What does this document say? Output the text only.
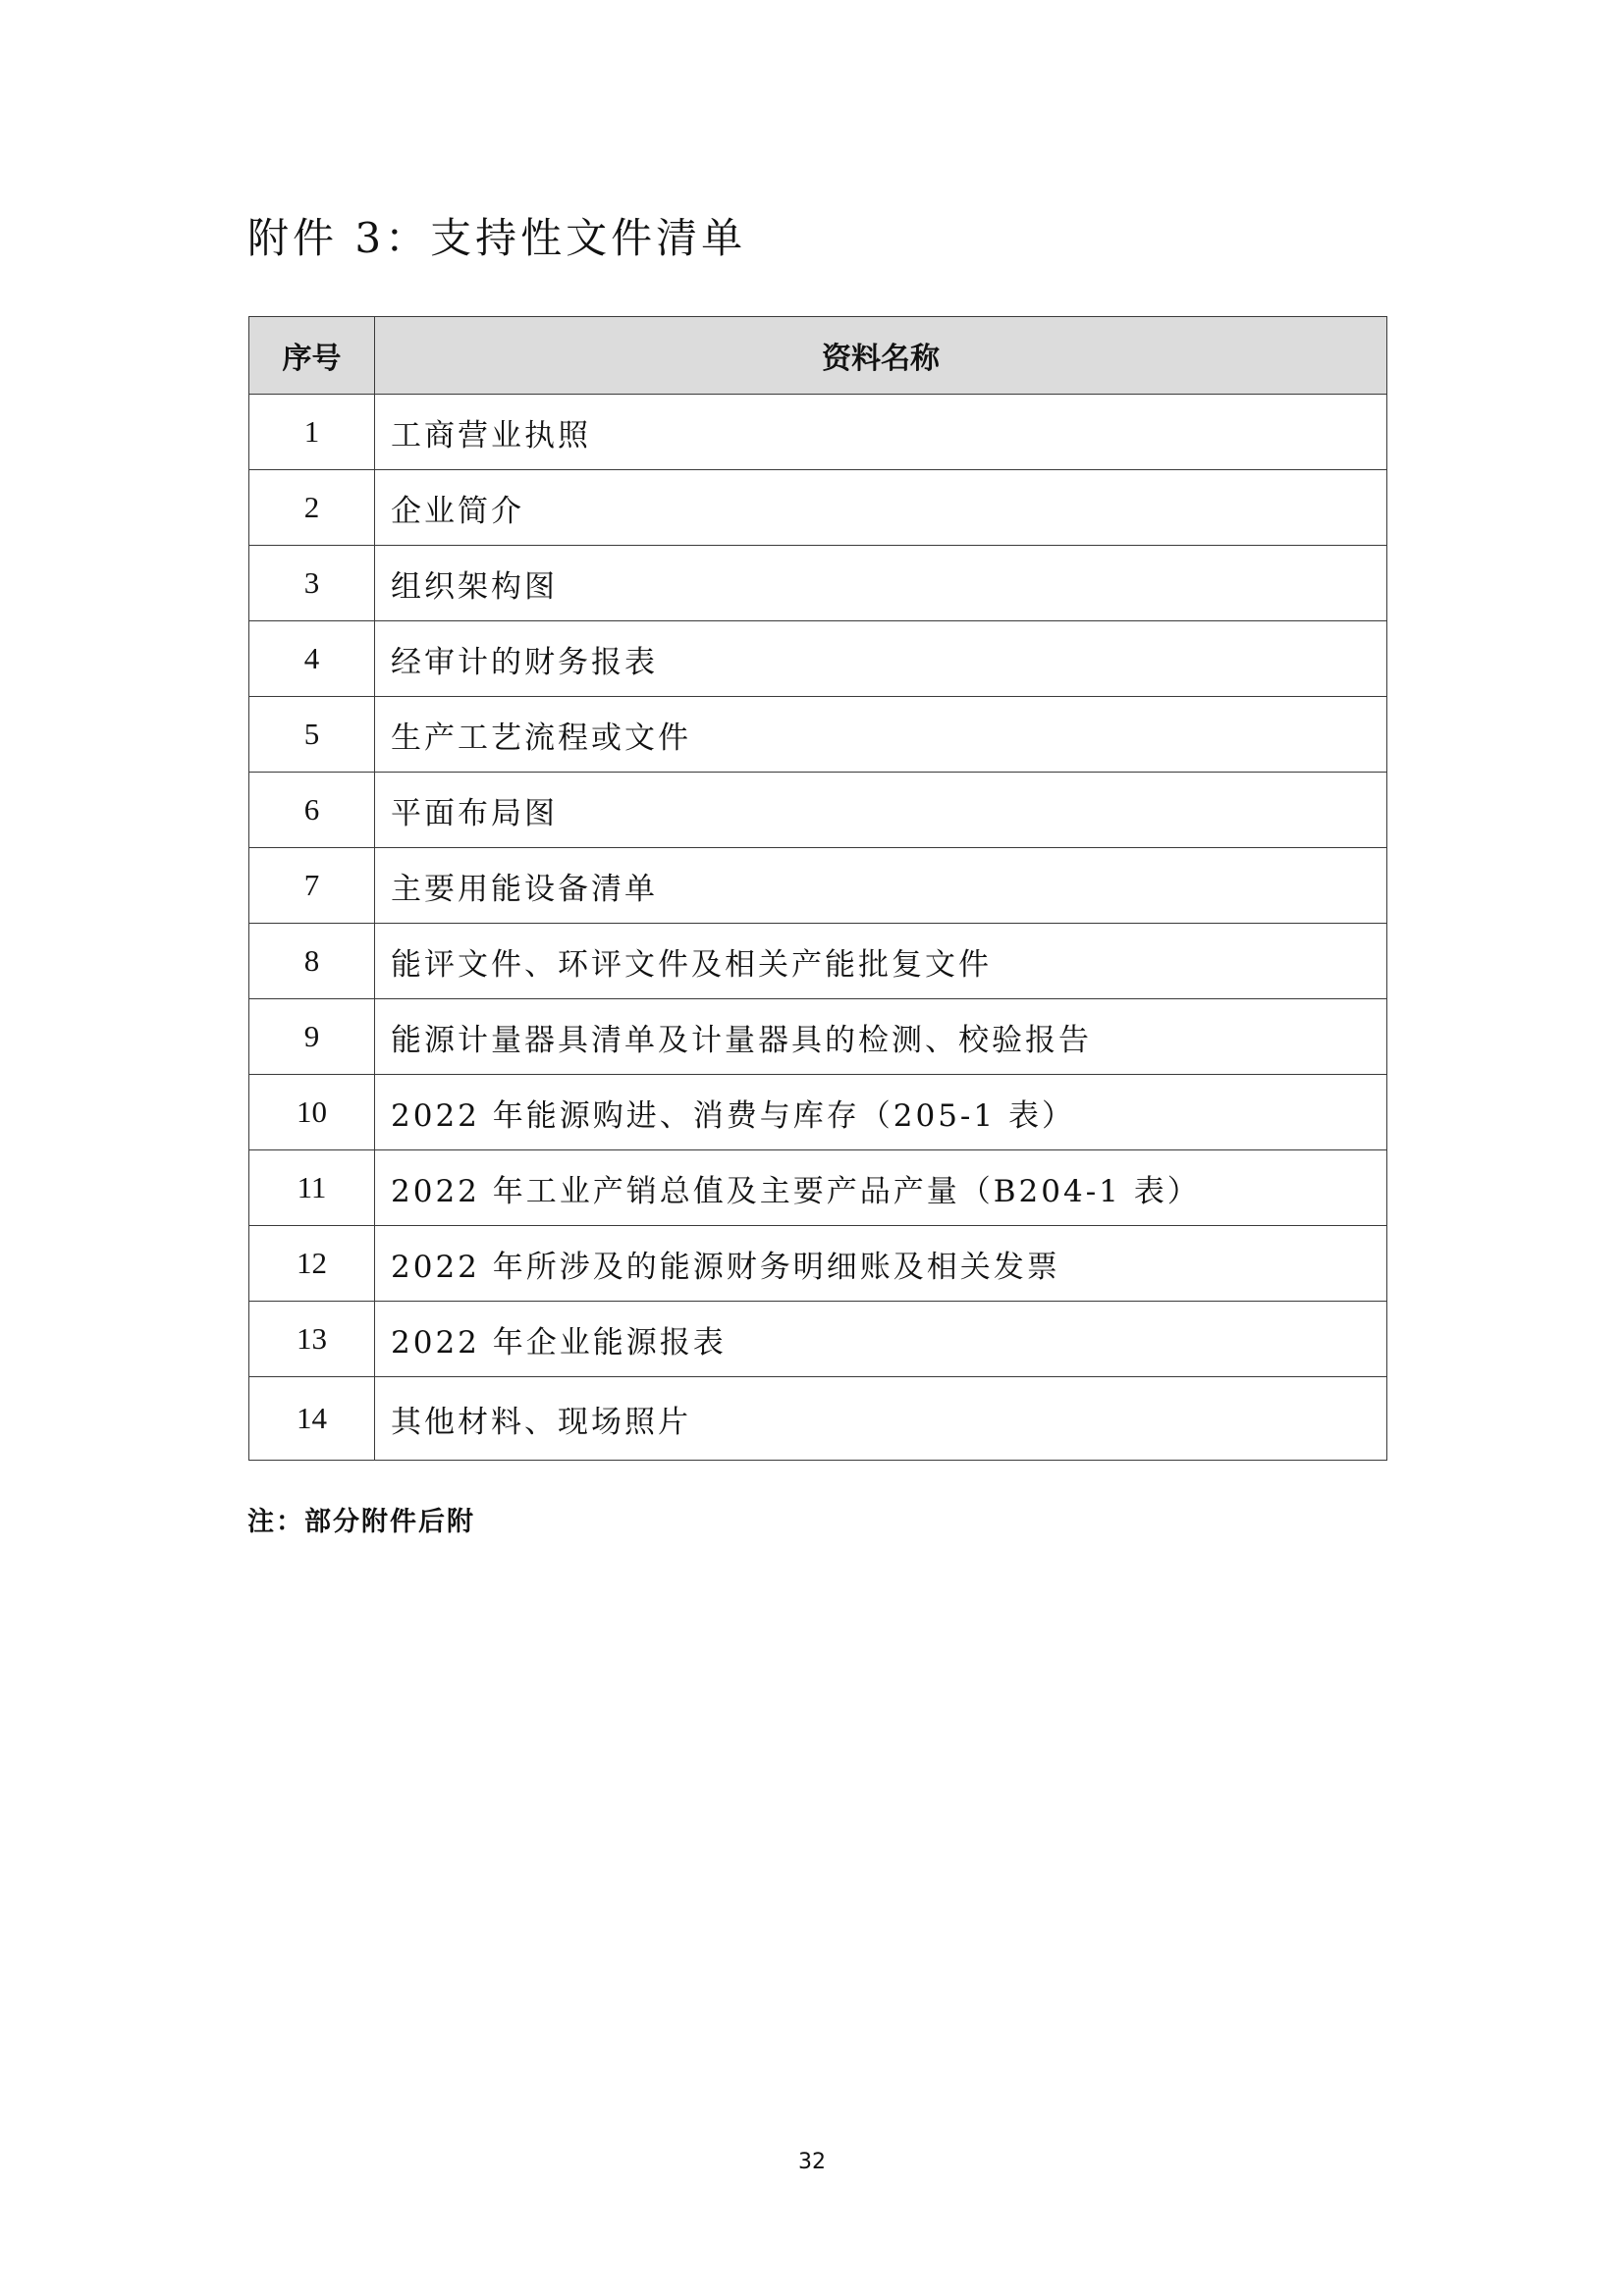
附件 3：支持性文件清单
序号	资料名称
1	工商营业执照
2	企业简介
3	组织架构图
4	经审计的财务报表
5	生产工艺流程或文件
6	平面布局图
7	主要用能设备清单
8	能评文件、环评文件及相关产能批复文件
9	能源计量器具清单及计量器具的检测、校验报告
10	2022 年能源购进、消费与库存（205-1 表）
11	2022 年工业产销总值及主要产品产量（B204-1 表）
12	2022 年所涉及的能源财务明细账及相关发票
13	2022 年企业能源报表
14	其他材料、现场照片
注：部分附件后附
32
